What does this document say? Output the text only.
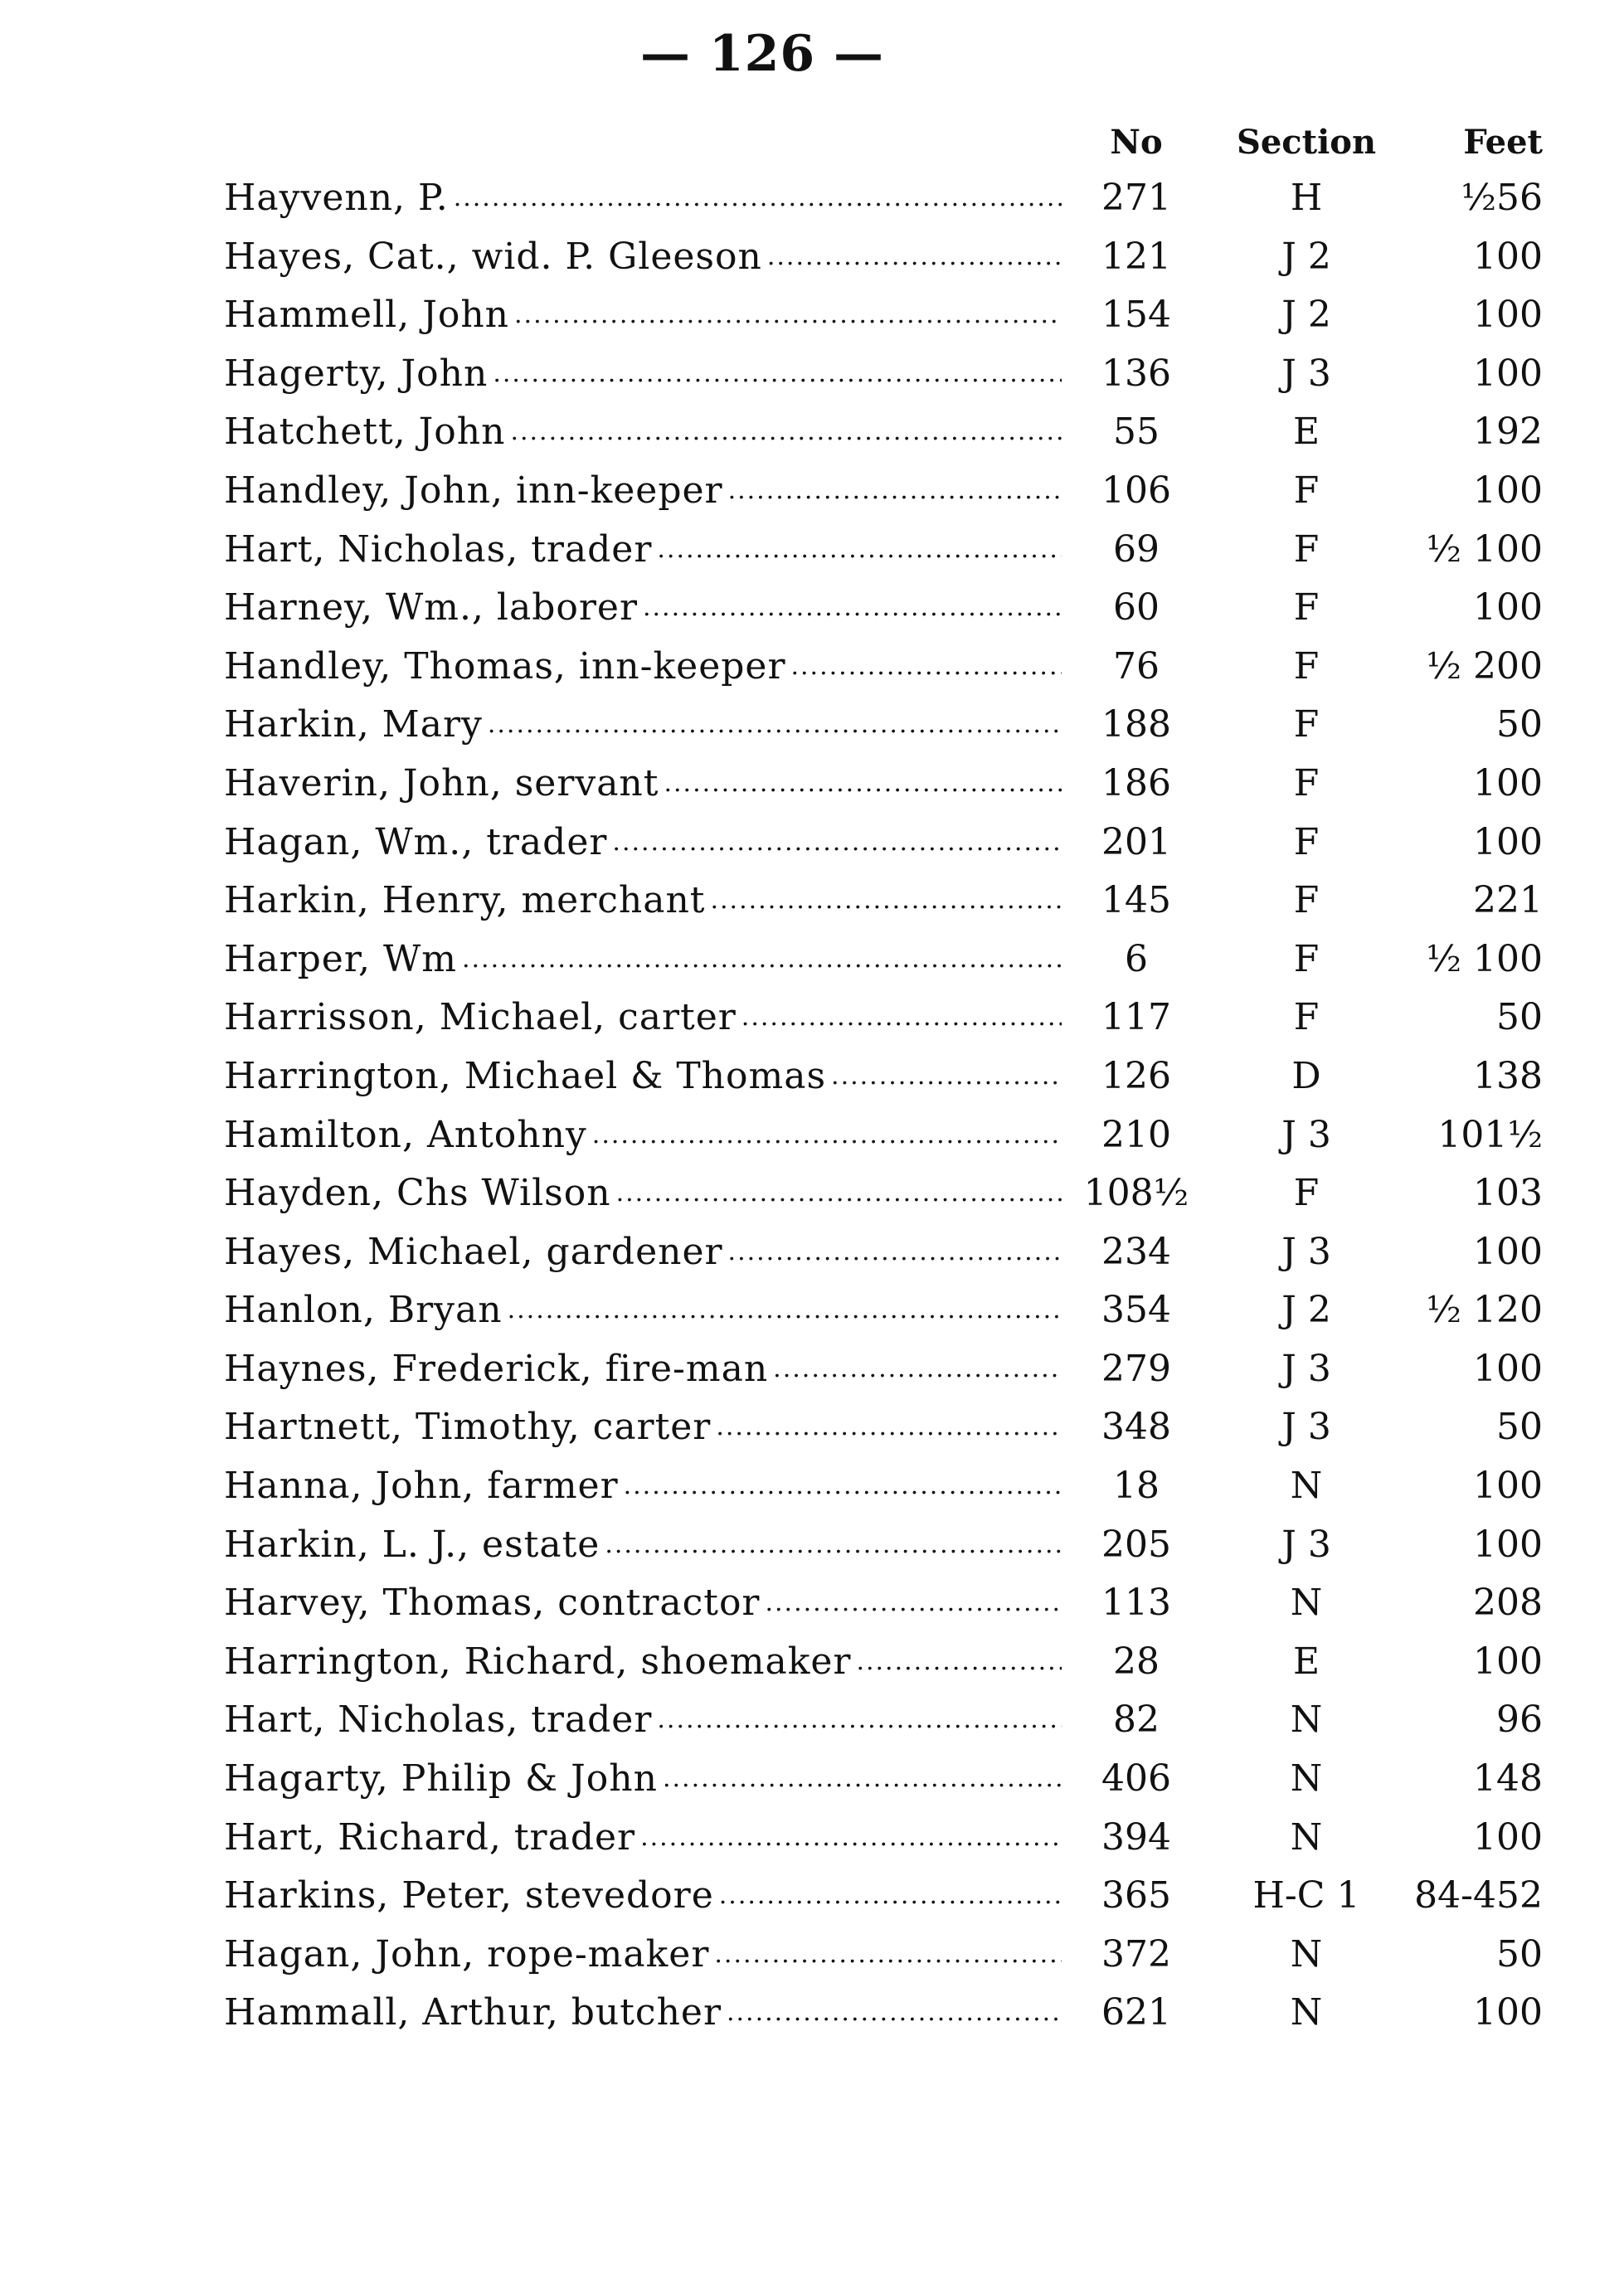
— 126 —
No	Section	Feet
Hayvenn, P. .....	271	H	½56
Hayes, Cat., wid. P. Gleeson .....	121	J 2	100
Hammell, John .....	154	J 2	100
Hagerty, John .....	136	J 3	100
Hatchett, John .....	55	E	192
Handley, John, inn-keeper .....	106	F	100
Hart, Nicholas, trader .....	69	F	½ 100
Harney, Wm., laborer .....	60	F	100
Handley, Thomas, inn-keeper .....	76	F	½ 200
Harkin, Mary .....	188	F	50
Haverin, John, servant .....	186	F	100
Hagan, Wm., trader .....	201	F	100
Harkin, Henry, merchant .....	145	F	221
Harper, Wm .....	6	F	½ 100
Harrisson, Michael, carter .....	117	F	50
Harrington, Michael & Thomas .....	126	D	138
Hamilton, Antohny .....	210	J 3	101½
Hayden, Chs Wilson .....	108½	F	103
Hayes, Michael, gardener .....	234	J 3	100
Hanlon, Bryan .....	354	J 2	½ 120
Haynes, Frederick, fire-man .....	279	J 3	100
Hartnett, Timothy, carter .....	348	J 3	50
Hanna, John, farmer .....	18	N	100
Harkin, L. J., estate .....	205	J 3	100
Harvey, Thomas, contractor .....	113	N	208
Harrington, Richard, shoemaker .....	28	E	100
Hart, Nicholas, trader .....	82	N	96
Hagarty, Philip & John .....	406	N	148
Hart, Richard, trader .....	394	N	100
Harkins, Peter, stevedore .....	365	H-C 1	84-452
Hagan, John, rope-maker .....	372	N	50
Hammall, Arthur, butcher .....	621	N	100
